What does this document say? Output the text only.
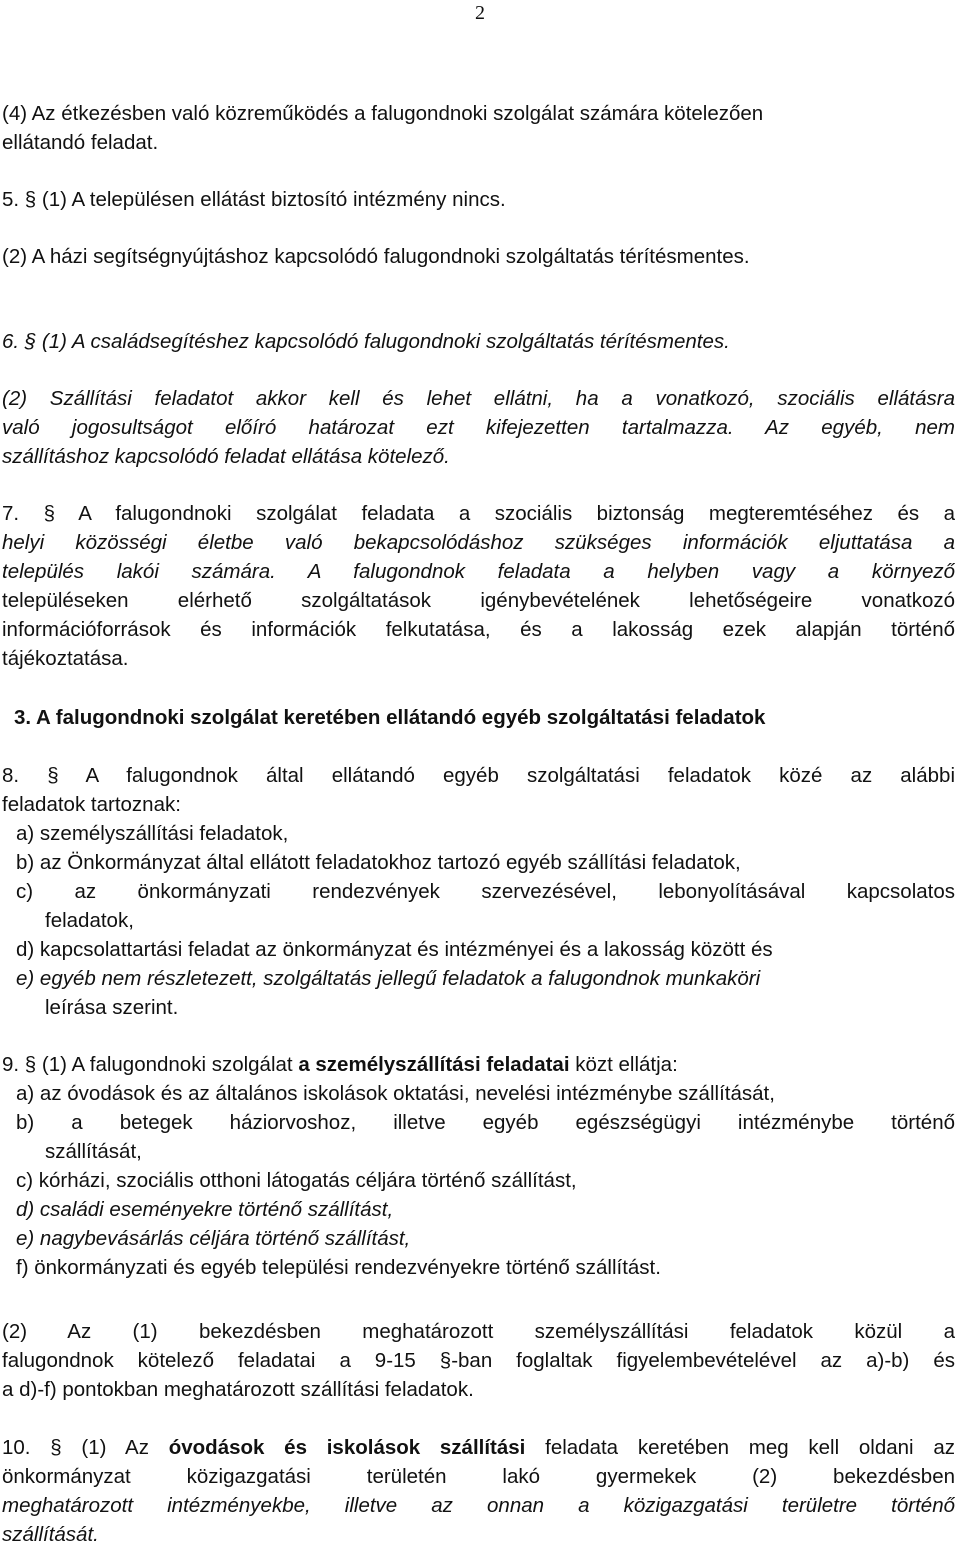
2
(4) Az étkezésben való közreműködés a falugondnoki szolgálat számára kötelezően
ellátandó feladat.
5. § (1) A településen ellátást biztosító intézmény nincs.
(2) A házi segítségnyújtáshoz kapcsolódó falugondnoki szolgáltatás térítésmentes.
6. § (1) A családsegítéshez kapcsolódó falugondnoki szolgáltatás térítésmentes.
(2) Szállítási feladatot akkor kell és lehet ellátni, ha a vonatkozó, szociális ellátásra
való jogosultságot előíró határozat ezt kifejezetten tartalmazza. Az egyéb, nem
szállításhoz kapcsolódó feladat ellátása kötelező.
7. § A falugondnoki szolgálat feladata a szociális biztonság megteremtéséhez és a
helyi közösségi életbe való bekapcsolódáshoz szükséges információk eljuttatása a
település lakói számára. A falugondnok feladata a helyben vagy a környező
településeken elérhető szolgáltatások igénybevételének lehetőségeire vonatkozó
információforrások és információk felkutatása, és a lakosság ezek alapján történő
tájékoztatása.
3. A falugondnoki szolgálat keretében ellátandó egyéb szolgáltatási feladatok
8. § A falugondnok által ellátandó egyéb szolgáltatási feladatok közé az alábbi
feladatok tartoznak:
a) személyszállítási feladatok,
b) az Önkormányzat által ellátott feladatokhoz tartozó egyéb szállítási feladatok,
c) az önkormányzati rendezvények szervezésével, lebonyolításával kapcsolatos
feladatok,
d) kapcsolattartási feladat az önkormányzat és intézményei és a lakosság között és
e) egyéb nem részletezett, szolgáltatás jellegű feladatok a falugondnok munkaköri
leírása szerint.
9. § (1) A falugondnoki szolgálat a személyszállítási feladatai közt ellátja:
a) az óvodások és az általános iskolások oktatási, nevelési intézménybe szállítását,
b) a betegek háziorvoshoz, illetve egyéb egészségügyi intézménybe történő
szállítását,
c) kórházi, szociális otthoni látogatás céljára történő szállítást,
d) családi eseményekre történő szállítást,
e) nagybevásárlás céljára történő szállítást,
f) önkormányzati és egyéb települési rendezvényekre történő szállítást.
(2) Az (1) bekezdésben meghatározott személyszállítási feladatok közül a
falugondnok kötelező feladatai a 9-15 §-ban foglaltak figyelembevételével az a)-b) és
a d)-f) pontokban meghatározott szállítási feladatok.
10. § (1) Az óvodások és iskolások szállítási feladata keretében meg kell oldani az
önkormányzat közigazgatási területén lakó gyermekek (2) bekezdésben
meghatározott intézményekbe, illetve az onnan a közigazgatási területre történő
szállítását.
